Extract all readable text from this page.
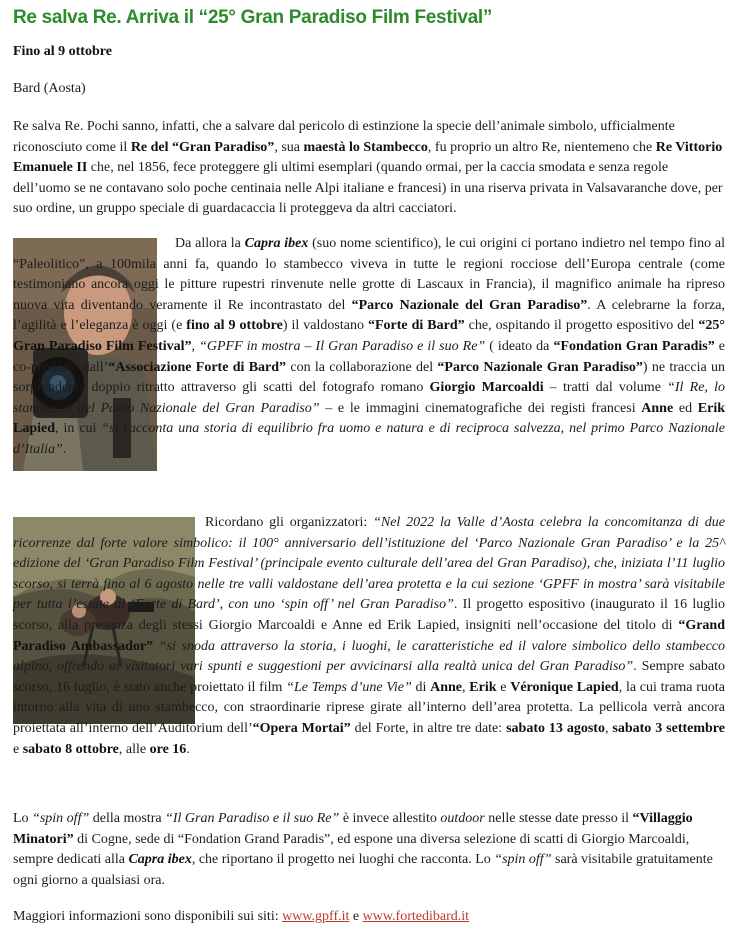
Re salva Re. Arriva il “25° Gran Paradiso Film Festival”

Fino al 9 ottobre

Bard (Aosta)

Re salva Re. Pochi sanno, infatti, che a salvare dal pericolo di estinzione la specie dell’animale simbolo, ufficialmente riconosciuto come il Re del “Gran Paradiso”, sua maestà lo Stambecco, fu proprio un altro Re, nientemeno che Re Vittorio Emanuele II che, nel 1856, fece proteggere gli ultimi esemplari (quando ormai, per la caccia smodata e senza regole dell’uomo se ne contavano solo poche centinaia nelle Alpi italiane e francesi) in una riserva privata in Valsavaranche dove, per suo ordine, un gruppo speciale di guardacaccia li proteggeva da altri cacciatori.

Da allora la Capra ibex (suo nome scientifico), le cui origini ci portano indietro nel tempo fino al “Paleolitico”, a 100mila anni fa, quando lo stambecco viveva in tutte le regioni rocciose dell’Europa centrale (come testimoniano ancora oggi le pitture rupestri rinvenute nelle grotte di Lascaux in Francia), il magnifico animale ha ripreso nuova vita diventando veramente il Re incontrastato del “Parco Nazionale del Gran Paradiso”. A celebrarne la forza, l’agilità e l’eleganza è oggi (e fino al 9 ottobre) il valdostano “Forte di Bard” che, ospitando il progetto espositivo del “25° Gran Paradiso Film Festival”, “GPFF in mostra – Il Gran Paradiso e il suo Re” ( ideato da “Fondation Gran Paradis” e co-prodotto dall’“Associazione Forte di Bard” con la collaborazione del “Parco Nazionale Gran Paradiso”) ne traccia un sorprendente doppio ritratto attraverso gli scatti del fotografo romano Giorgio Marcoaldi – tratti dal volume “Il Re, lo stambecco del Parco Nazionale del Gran Paradiso” – e le immagini cinematografiche dei registi francesi Anne ed Erik Lapied, in cui “si racconta una storia di equilibrio fra uomo e natura e di reciproca salvezza, nel primo Parco Nazionale d’Italia”.

Ricordano gli organizzatori: “Nel 2022 la Valle d’Aosta celebra la concomitanza di due ricorrenze dal forte valore simbolico: il 100° anniversario dell’istituzione del ‘Parco Nazionale Gran Paradiso’ e la 25^ edizione del ‘Gran Paradiso Film Festival’ (principale evento culturale dell’area del Gran Paradiso), che, iniziata l’11 luglio scorso, si terrà fino al 6 agosto nelle tre valli valdostane dell’area protetta e la cui sezione ‘GPFF in mostra’ sarà visitabile per tutta l’estate al ‘Forte di Bard’, con uno ‘spin off’ nel Gran Paradiso”. Il progetto espositivo (inaugurato il 16 luglio scorso, alla presenza degli stessi Giorgio Marcoaldi e Anne ed Erik Lapied, insigniti nell’occasione del titolo di “Grand Paradiso Ambassador” “si snoda attraverso la storia, i luoghi, le caratteristiche ed il valore simbolico dello stambecco alpino, offrendo ai visitatori vari spunti e suggestioni per avvicinarsi alla realtà unica del Gran Paradiso”. Sempre sabato scorso, 16 luglio, è stato anche proiettato il film “Le Temps d’une Vie” di Anne, Erik e Véronique Lapied, la cui trama ruota intorno alla vita di uno stambecco, con straordinarie riprese girate all’interno dell’area protetta. La pellicola verrà ancora proiettata all’interno dell’Auditorium dell’“Opera Mortai” del Forte, in altre tre date: sabato 13 agosto, sabato 3 settembre e sabato 8 ottobre, alle ore 16.

Lo “spin off” della mostra “Il Gran Paradiso e il suo Re” è invece allestito outdoor nelle stesse date presso il “Villaggio Minatori” di Cogne, sede di “Fondation Grand Paradis”, ed espone una diversa selezione di scatti di Giorgio Marcoaldi, sempre dedicati alla Capra ibex, che riportano il progetto nei luoghi che racconta. Lo “spin off” sarà visitabile gratuitamente ogni giorno a qualsiasi ora.

Maggiori informazioni sono disponibili sui siti: www.gpff.it e www.fortedibard.it
